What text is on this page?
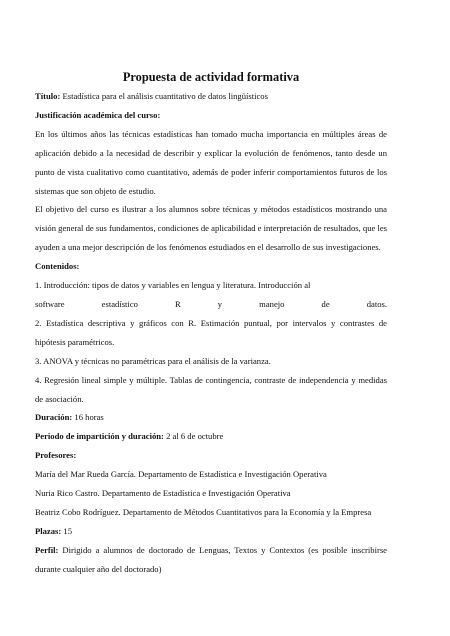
Propuesta de actividad formativa

Título: Estadística para el análisis cuantitativo de datos lingüísticos

Justificación académica del curso:

En los últimos años las técnicas estadísticas han tomado mucha importancia en múltiples áreas de aplicación debido a la necesidad de describir y explicar la evolución de fenómenos, tanto desde un punto de vista cualitativo como cuantitativo, además de poder inferir comportamientos futuros de los sistemas que son objeto de estudio.

El objetivo del curso es ilustrar a los alumnos sobre técnicas y métodos estadísticos mostrando una visión general de sus fundamentos, condiciones de aplicabilidad e interpretación de resultados, que les ayuden a una mejor descripción de los fenómenos estudiados en el desarrollo de sus investigaciones.

Contenidos:

1. Introducción: tipos de datos y variables en lengua y literatura. Introducción al

software	estadístico	R	y	manejo	de	datos.

2. Estadística descriptiva y gráficos con R. Estimación puntual, por intervalos y contrastes de hipótesis paramétricos.

3. ANOVA y técnicas no paramétricas para el análisis de la varianza.

4. Regresión lineal simple y múltiple. Tablas de contingencia, contraste de independencia y medidas de asociación.

Duración: 16 horas

Periodo de impartición y duración: 2 al 6 de octubre

Profesores:

María del Mar Rueda García. Departamento de Estadística e Investigación Operativa

Nuria Rico Castro. Departamento de Estadística e Investigación Operativa

Beatriz Cobo Rodríguez. Departamento de Métodos Cuantitativos para la Economía y la Empresa

Plazas: 15

Perfil: Dirigido a alumnos de doctorado de Lenguas, Textos y Contextos (es posible inscribirse durante cualquier año del doctorado)
